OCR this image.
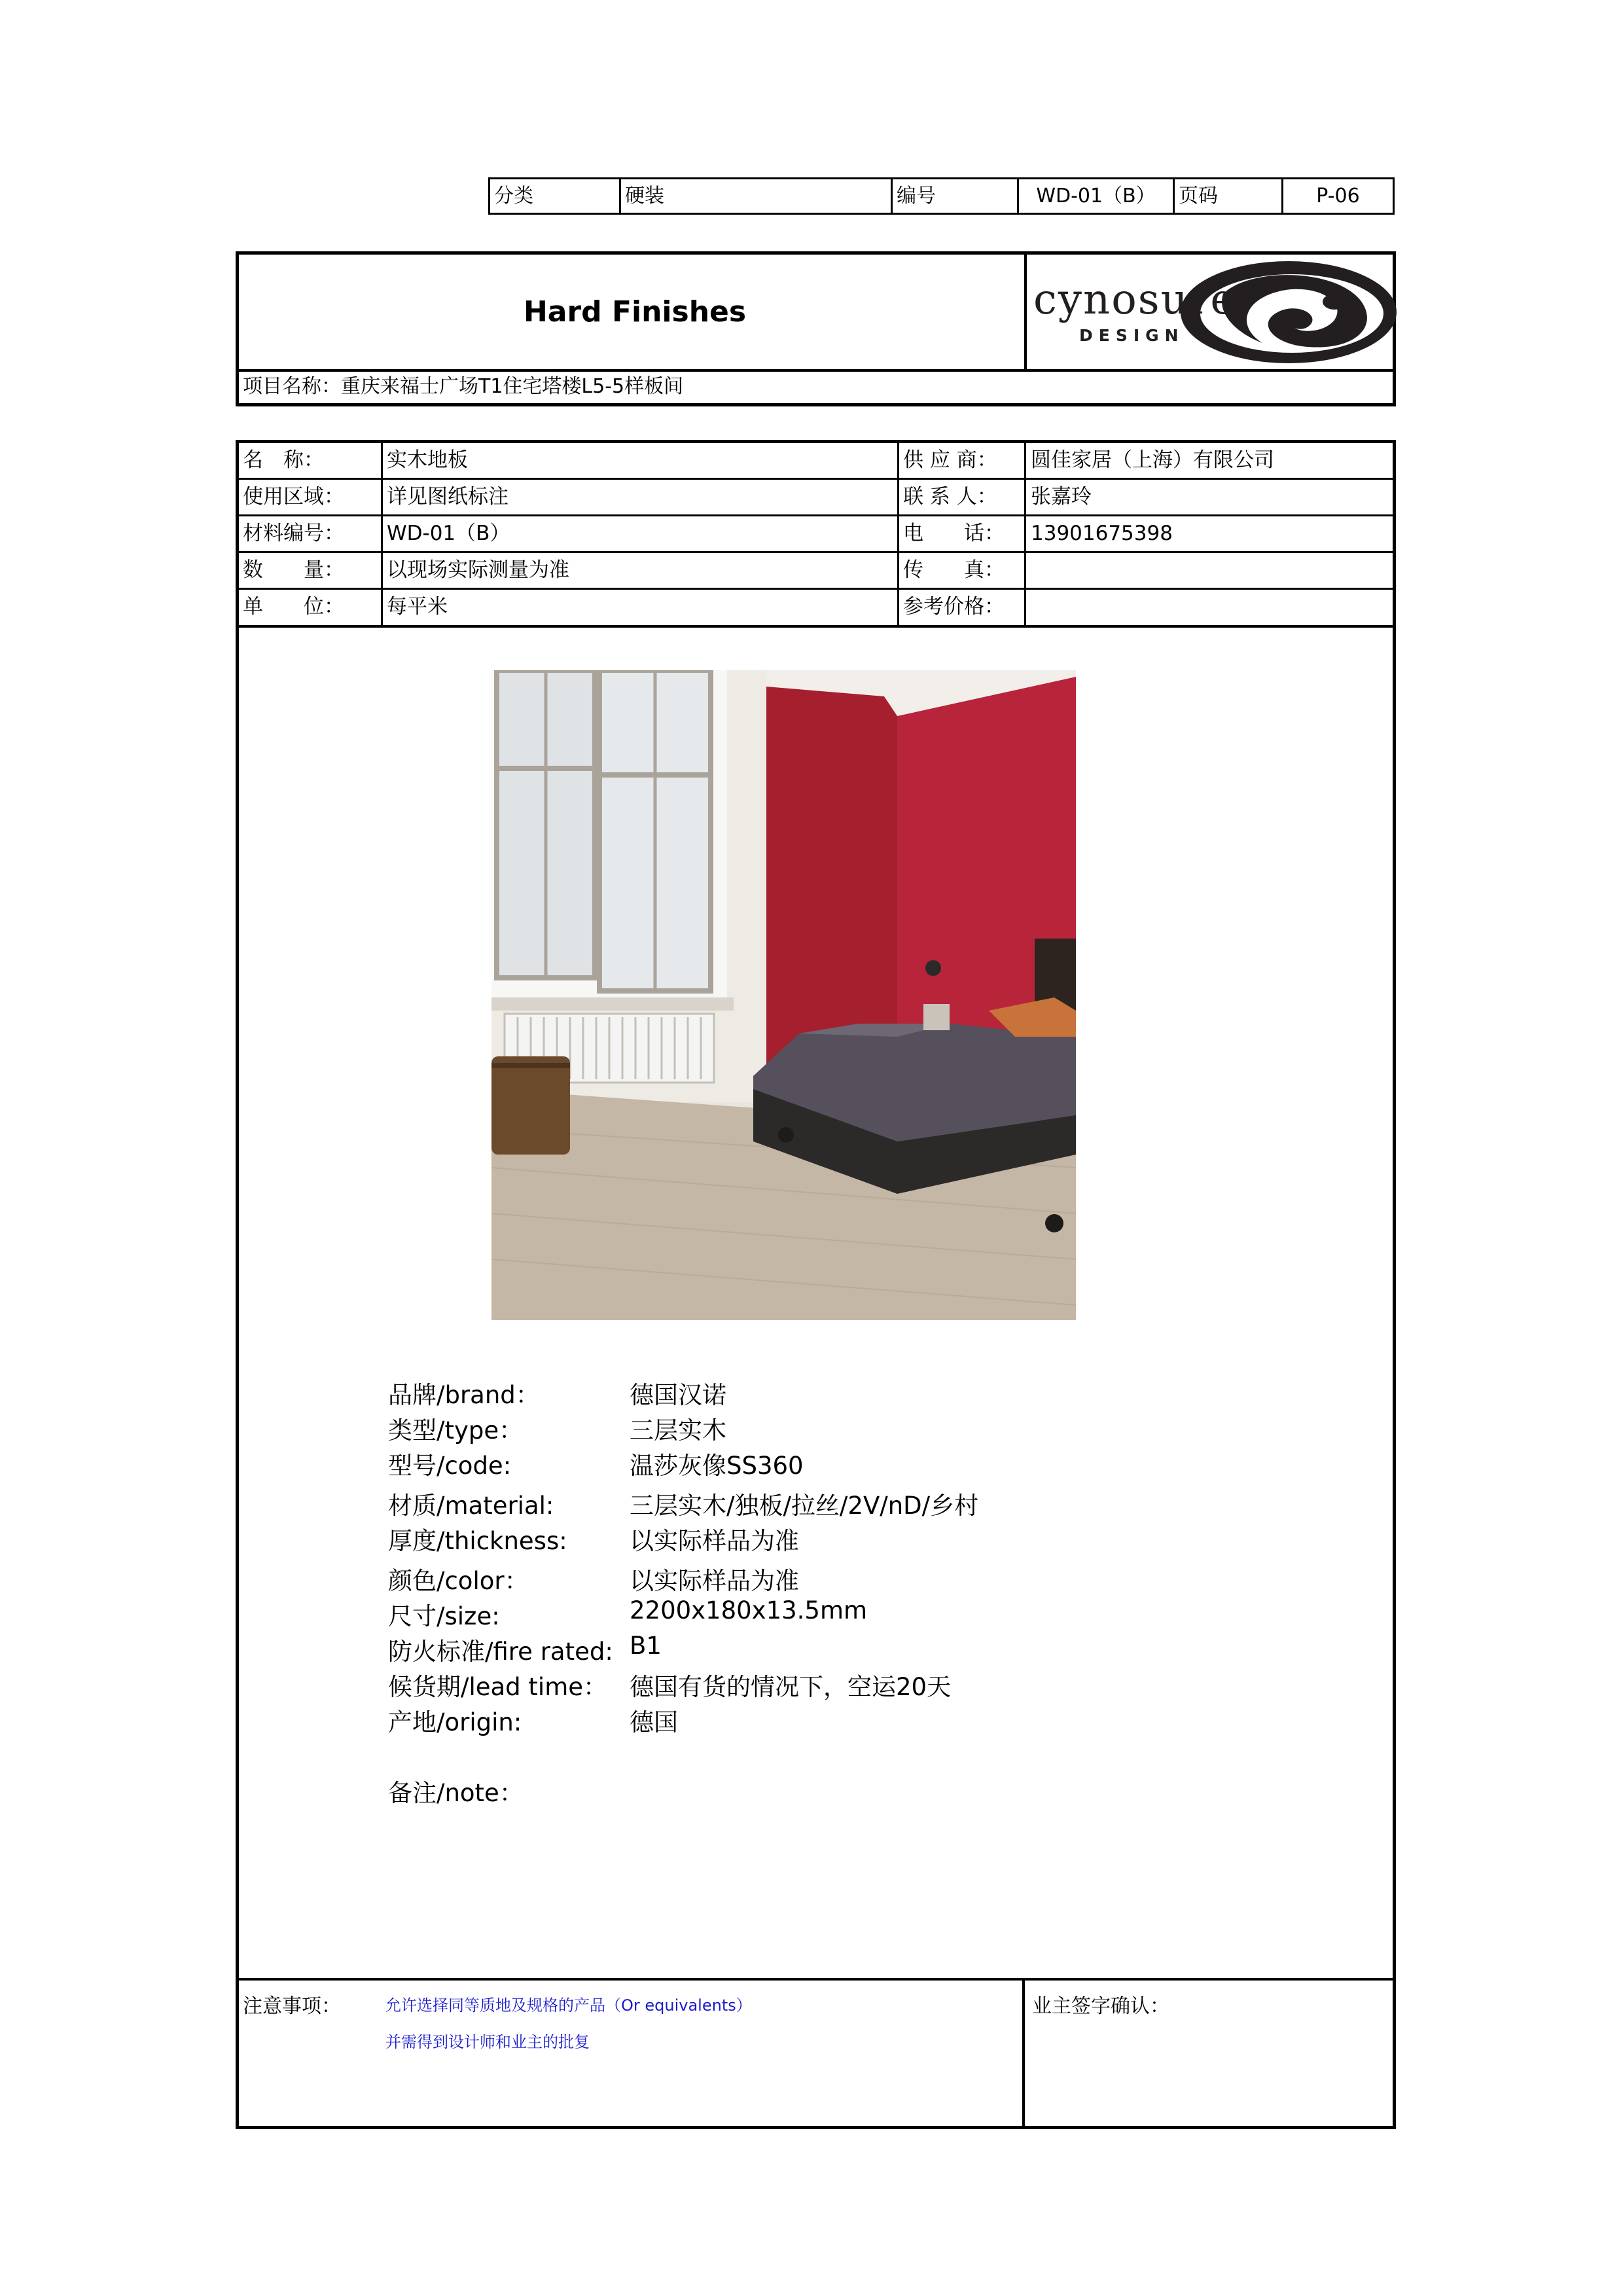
分类	硬装	编号	WD-01（B）	页码	P-06
Hard Finishes	cynosure
DESIGN
项目名称：重庆来福士广场T1住宅塔楼L5-5样板间
名　称：	实木地板	供 应 商： 圆佳家居（上海）有限公司
使用区域： 详见图纸标注	联 系 人： 张嘉玲
材料编号： WD-01（B）	电　　话： 13901675398
数　　量： 以现场实际测量为准	传　　真：
单　　位： 每平米	参考价格：
品牌/brand：	德国汉诺
类型/type：	三层实木
型号/code:	温莎灰像SS360
材质/material:	三层实木/独板/拉丝/2V/nD/乡村
厚度/thickness:	以实际样品为准
颜色/color：	以实际样品为准
尺寸/size:	2200x180x13.5mm
防火标准/fire rated: B1
候货期/lead time： 德国有货的情况下，空运20天
产地/origin:	德国
备注/note：
注意事项：	允许选择同等质地及规格的产品（Or equivalents）
并需得到设计师和业主的批复
业主签字确认：
